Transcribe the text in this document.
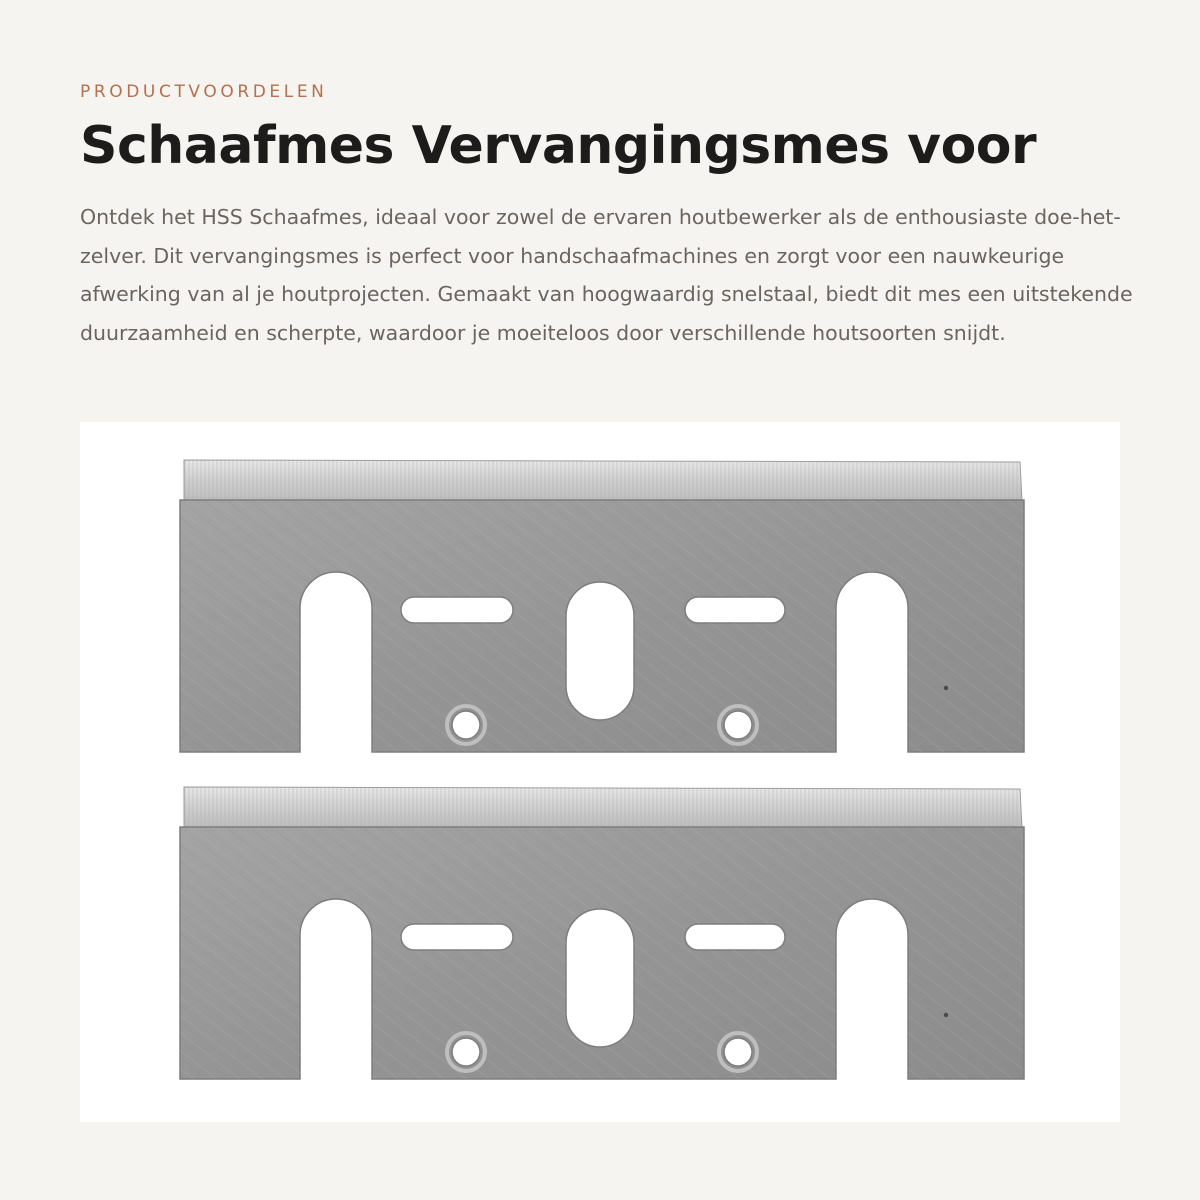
PRODUCTVOORDELEN
Schaafmes Vervangingsmes voor

Ontdek het HSS Schaafmes, ideaal voor zowel de ervaren houtbewerker als de enthousiaste doe-het-zelver. Dit vervangingsmes is perfect voor handschaafmachines en zorgt voor een nauwkeurige afwerking van al je houtprojecten. Gemaakt van hoogwaardig snelstaal, biedt dit mes een uitstekende duurzaamheid en scherpte, waardoor je moeiteloos door verschillende houtsoorten snijdt.
